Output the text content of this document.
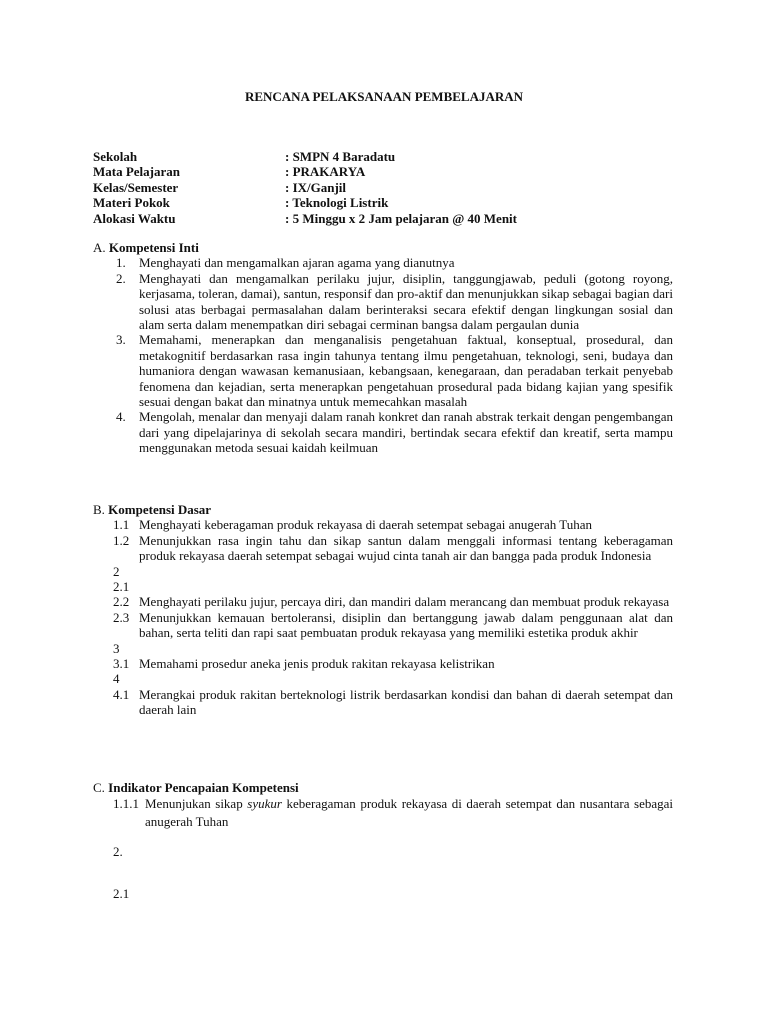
RENCANA PELAKSANAAN PEMBELAJARAN
Sekolah	: SMPN 4 Baradatu
Mata Pelajaran	: PRAKARYA
Kelas/Semester	: IX/Ganjil
Materi Pokok	: Teknologi Listrik
Alokasi Waktu	: 5 Minggu x 2 Jam pelajaran @ 40 Menit
A. Kompetensi Inti
1. Menghayati dan mengamalkan ajaran agama yang dianutnya
2. Menghayati dan mengamalkan perilaku jujur, disiplin, tanggungjawab, peduli (gotong royong, kerjasama, toleran, damai), santun, responsif dan pro-aktif dan menunjukkan sikap sebagai bagian dari solusi atas berbagai permasalahan dalam berinteraksi secara efektif dengan lingkungan sosial dan alam serta dalam menempatkan diri sebagai cerminan bangsa dalam pergaulan dunia
3. Memahami, menerapkan dan menganalisis pengetahuan faktual, konseptual, prosedural, dan metakognitif berdasarkan rasa ingin tahunya tentang ilmu pengetahuan, teknologi, seni, budaya dan humaniora dengan wawasan kemanusiaan, kebangsaan, kenegaraan, dan peradaban terkait penyebab fenomena dan kejadian, serta menerapkan pengetahuan prosedural pada bidang kajian yang spesifik sesuai dengan bakat dan minatnya untuk memecahkan masalah
4. Mengolah, menalar dan menyaji dalam ranah konkret dan ranah abstrak terkait dengan pengembangan dari yang dipelajarinya di sekolah secara mandiri, bertindak secara efektif dan kreatif, serta mampu menggunakan metoda sesuai kaidah keilmuan
B. Kompetensi Dasar
1.1 Menghayati keberagaman produk rekayasa di daerah setempat sebagai anugerah Tuhan
1.2 Menunjukkan rasa ingin tahu dan sikap santun dalam menggali informasi tentang keberagaman produk rekayasa daerah setempat sebagai wujud cinta tanah air dan bangga pada produk Indonesia
2
2.1
2.2 Menghayati perilaku jujur, percaya diri, dan mandiri dalam merancang dan membuat produk rekayasa
2.3 Menunjukkan kemauan bertoleransi, disiplin dan bertanggung jawab dalam penggunaan alat dan bahan, serta teliti dan rapi saat pembuatan produk rekayasa yang memiliki estetika produk akhir
3
3.1 Memahami prosedur aneka jenis produk rakitan rekayasa kelistrikan
4
4.1 Merangkai produk rakitan berteknologi listrik berdasarkan kondisi dan bahan di daerah setempat dan daerah lain
C. Indikator Pencapaian Kompetensi
1.1.1 Menunjukan sikap syukur keberagaman produk rekayasa di daerah setempat dan nusantara sebagai anugerah Tuhan
2.
2.1
